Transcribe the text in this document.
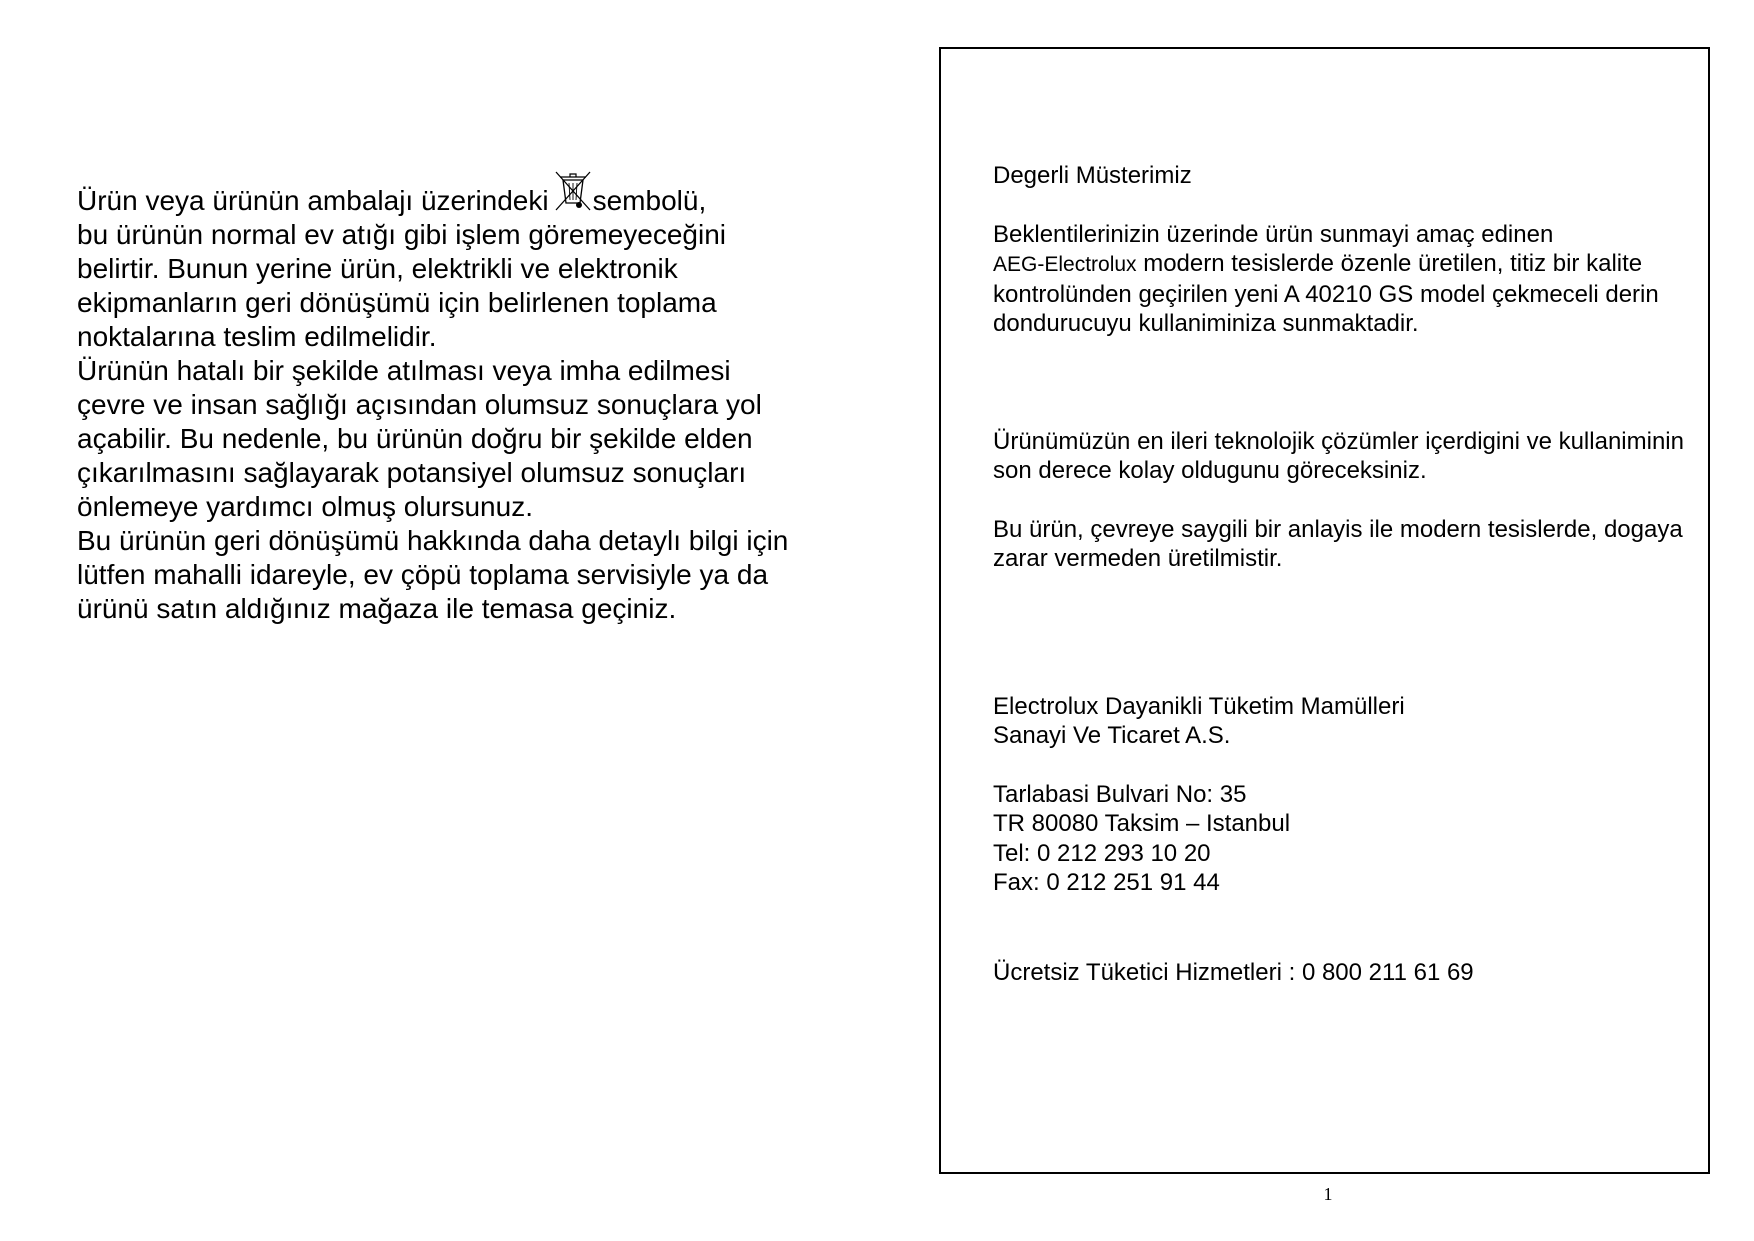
Ürün veya ürünün ambalajı üzerindeki sembolü,
bu ürünün normal ev atığı gibi işlem göremeyeceğini belirtir. Bunun yerine ürün, elektrikli ve elektronik ekipmanların geri dönüşümü için belirlenen toplama noktalarına teslim edilmelidir.

Ürünün hatalı bir şekilde atılması veya imha edilmesi çevre ve insan sağlığı açısından olumsuz sonuçlara yol açabilir. Bu nedenle, bu ürünün doğru bir şekilde elden çıkarılmasını sağlayarak potansiyel olumsuz sonuçları önlemeye yardımcı olmuş olursunuz.

Bu ürünün geri dönüşümü hakkında daha detaylı bilgi için lütfen mahalli idareyle, ev çöpü toplama servisiyle ya da ürünü satın aldığınız mağaza ile temasa geçiniz.

Degerli Müsterimiz

Beklentilerinizin üzerinde ürün sunmayi amaç edinen
AEG-Electrolux modern tesislerde özenle üretilen, titiz bir kalite kontrolünden geçirilen yeni A 40210 GS model çekmeceli derin dondurucuyu kullaniminiza sunmaktadir.

Ürünümüzün en ileri teknolojik çözümler içerdigini ve kullaniminin son derece kolay oldugunu göreceksiniz.

Bu ürün, çevreye saygili bir anlayis ile modern tesislerde, dogaya zarar vermeden üretilmistir.

Electrolux Dayanikli Tüketim Mamülleri

Sanayi Ve Ticaret A.S.

Tarlabasi Bulvari No: 35

TR 80080 Taksim – Istanbul

Tel: 0 212 293 10 20

Fax: 0 212 251 91 44

Ücretsiz Tüketici Hizmetleri : 0 800 211 61 69

1
